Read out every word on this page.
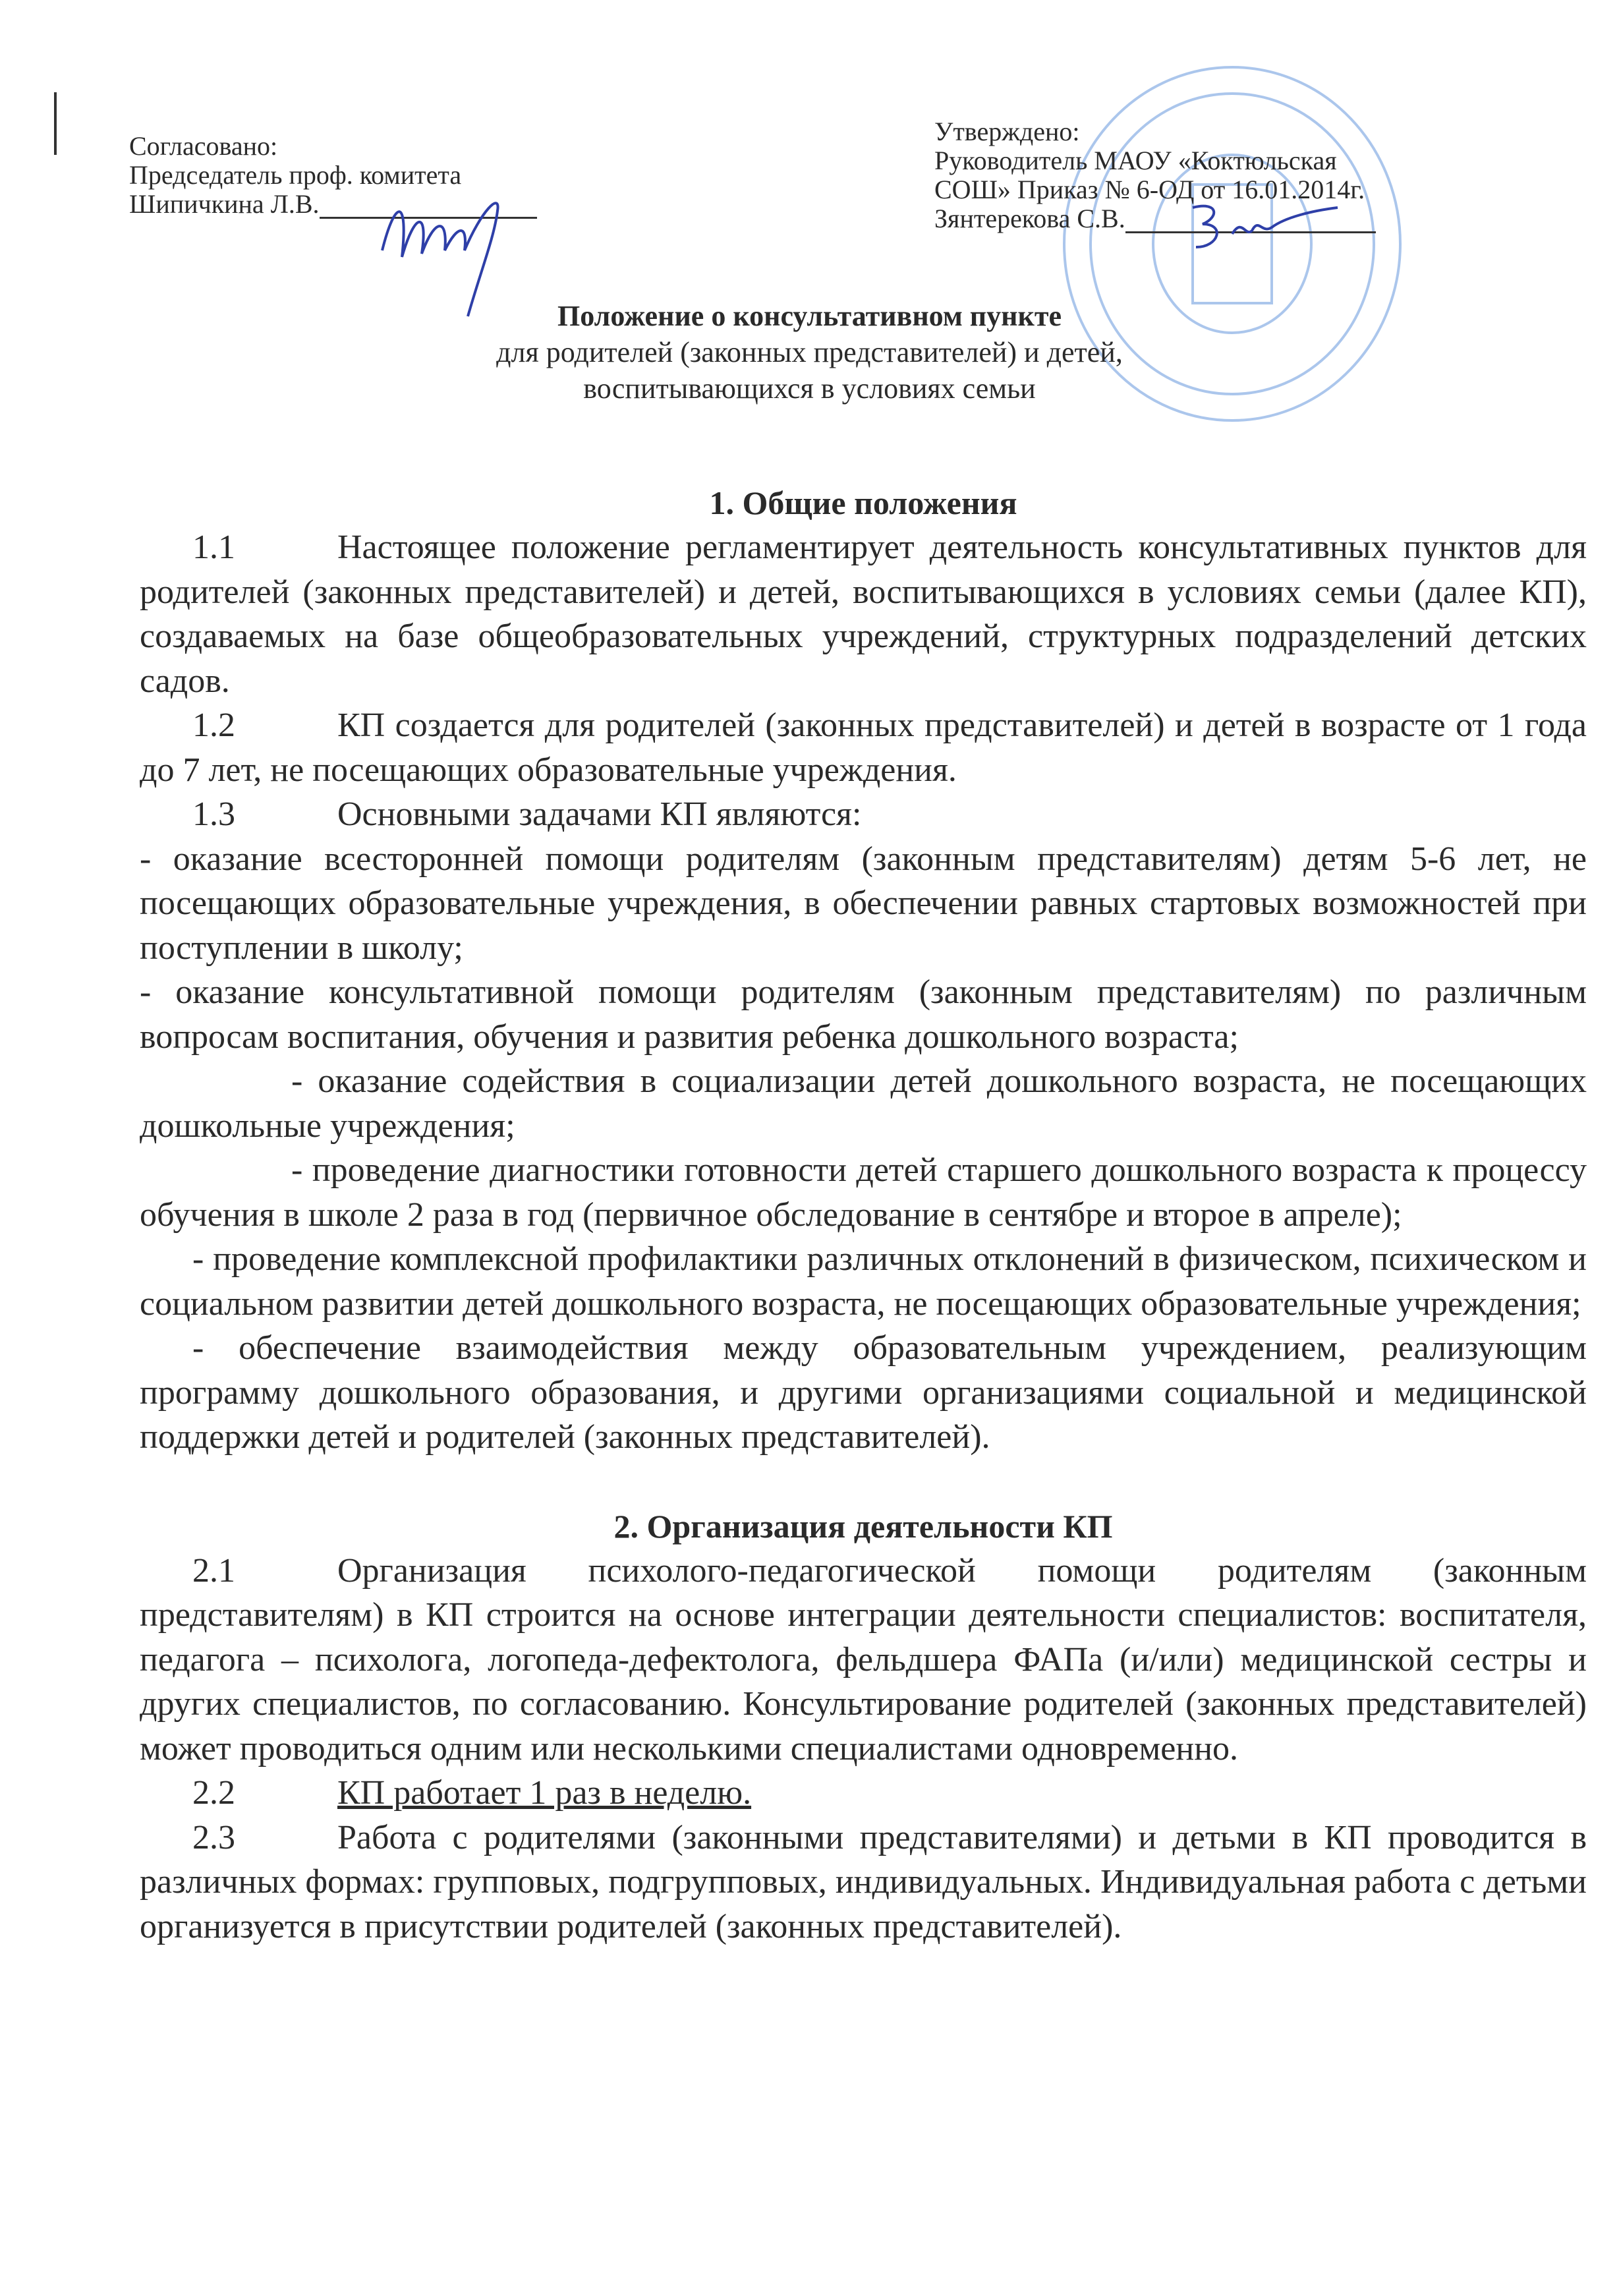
Согласовано:
Председатель проф. комитета
Шипичкина Л.В.
Утверждено:
Руководитель МАОУ «Коктюльская
СОШ» Приказ № 6-ОД от 16.01.2014г.
Зянтерекова С.В.
Положение о консультативном пункте
для родителей (законных представителей) и детей,
воспитывающихся в условиях семьи
1. Общие положения

1.1	Настоящее положение регламентирует деятельность консультативных пунктов для родителей (законных представителей) и детей, воспитывающихся в условиях семьи (далее КП), создаваемых на базе общеобразовательных учреждений, структурных подразделений детских садов.

1.2	КП создается для родителей (законных представителей) и детей в возрасте от 1 года до 7 лет, не посещающих образовательные учреждения.

1.3	Основными задачами КП являются:

- оказание всесторонней помощи родителям (законным представителям) детям 5-6 лет, не посещающих образовательные учреждения, в обеспечении равных стартовых возможностей при поступлении в школу;

- оказание консультативной помощи родителям (законным представителям) по различным вопросам воспитания, обучения и развития ребенка дошкольного возраста;

- оказание содействия в социализации детей дошкольного возраста, не посещающих дошкольные учреждения;

- проведение диагностики готовности детей старшего дошкольного возраста к процессу обучения в школе 2 раза в год (первичное обследование в сентябре и второе в апреле);

- проведение комплексной профилактики различных отклонений в физическом, психическом и социальном развитии детей дошкольного возраста, не посещающих образовательные учреждения;

- обеспечение взаимодействия между образовательным учреждением, реализующим программу дошкольного образования, и другими организациями социальной и медицинской поддержки детей и родителей (законных представителей).

2. Организация деятельности КП

2.1	Организация психолого-педагогической помощи родителям (законным представителям) в КП строится на основе интеграции деятельности специалистов: воспитателя, педагога – психолога, логопеда-дефектолога, фельдшера ФАПа (и/или) медицинской сестры и других специалистов, по согласованию. Консультирование родителей (законных представителей) может проводиться одним или несколькими специалистами одновременно.

2.2	КП работает 1 раз в неделю.

2.3	Работа с родителями (законными представителями) и детьми в КП проводится в различных формах: групповых, подгрупповых, индивидуальных. Индивидуальная работа с детьми организуется в присутствии родителей (законных представителей).
